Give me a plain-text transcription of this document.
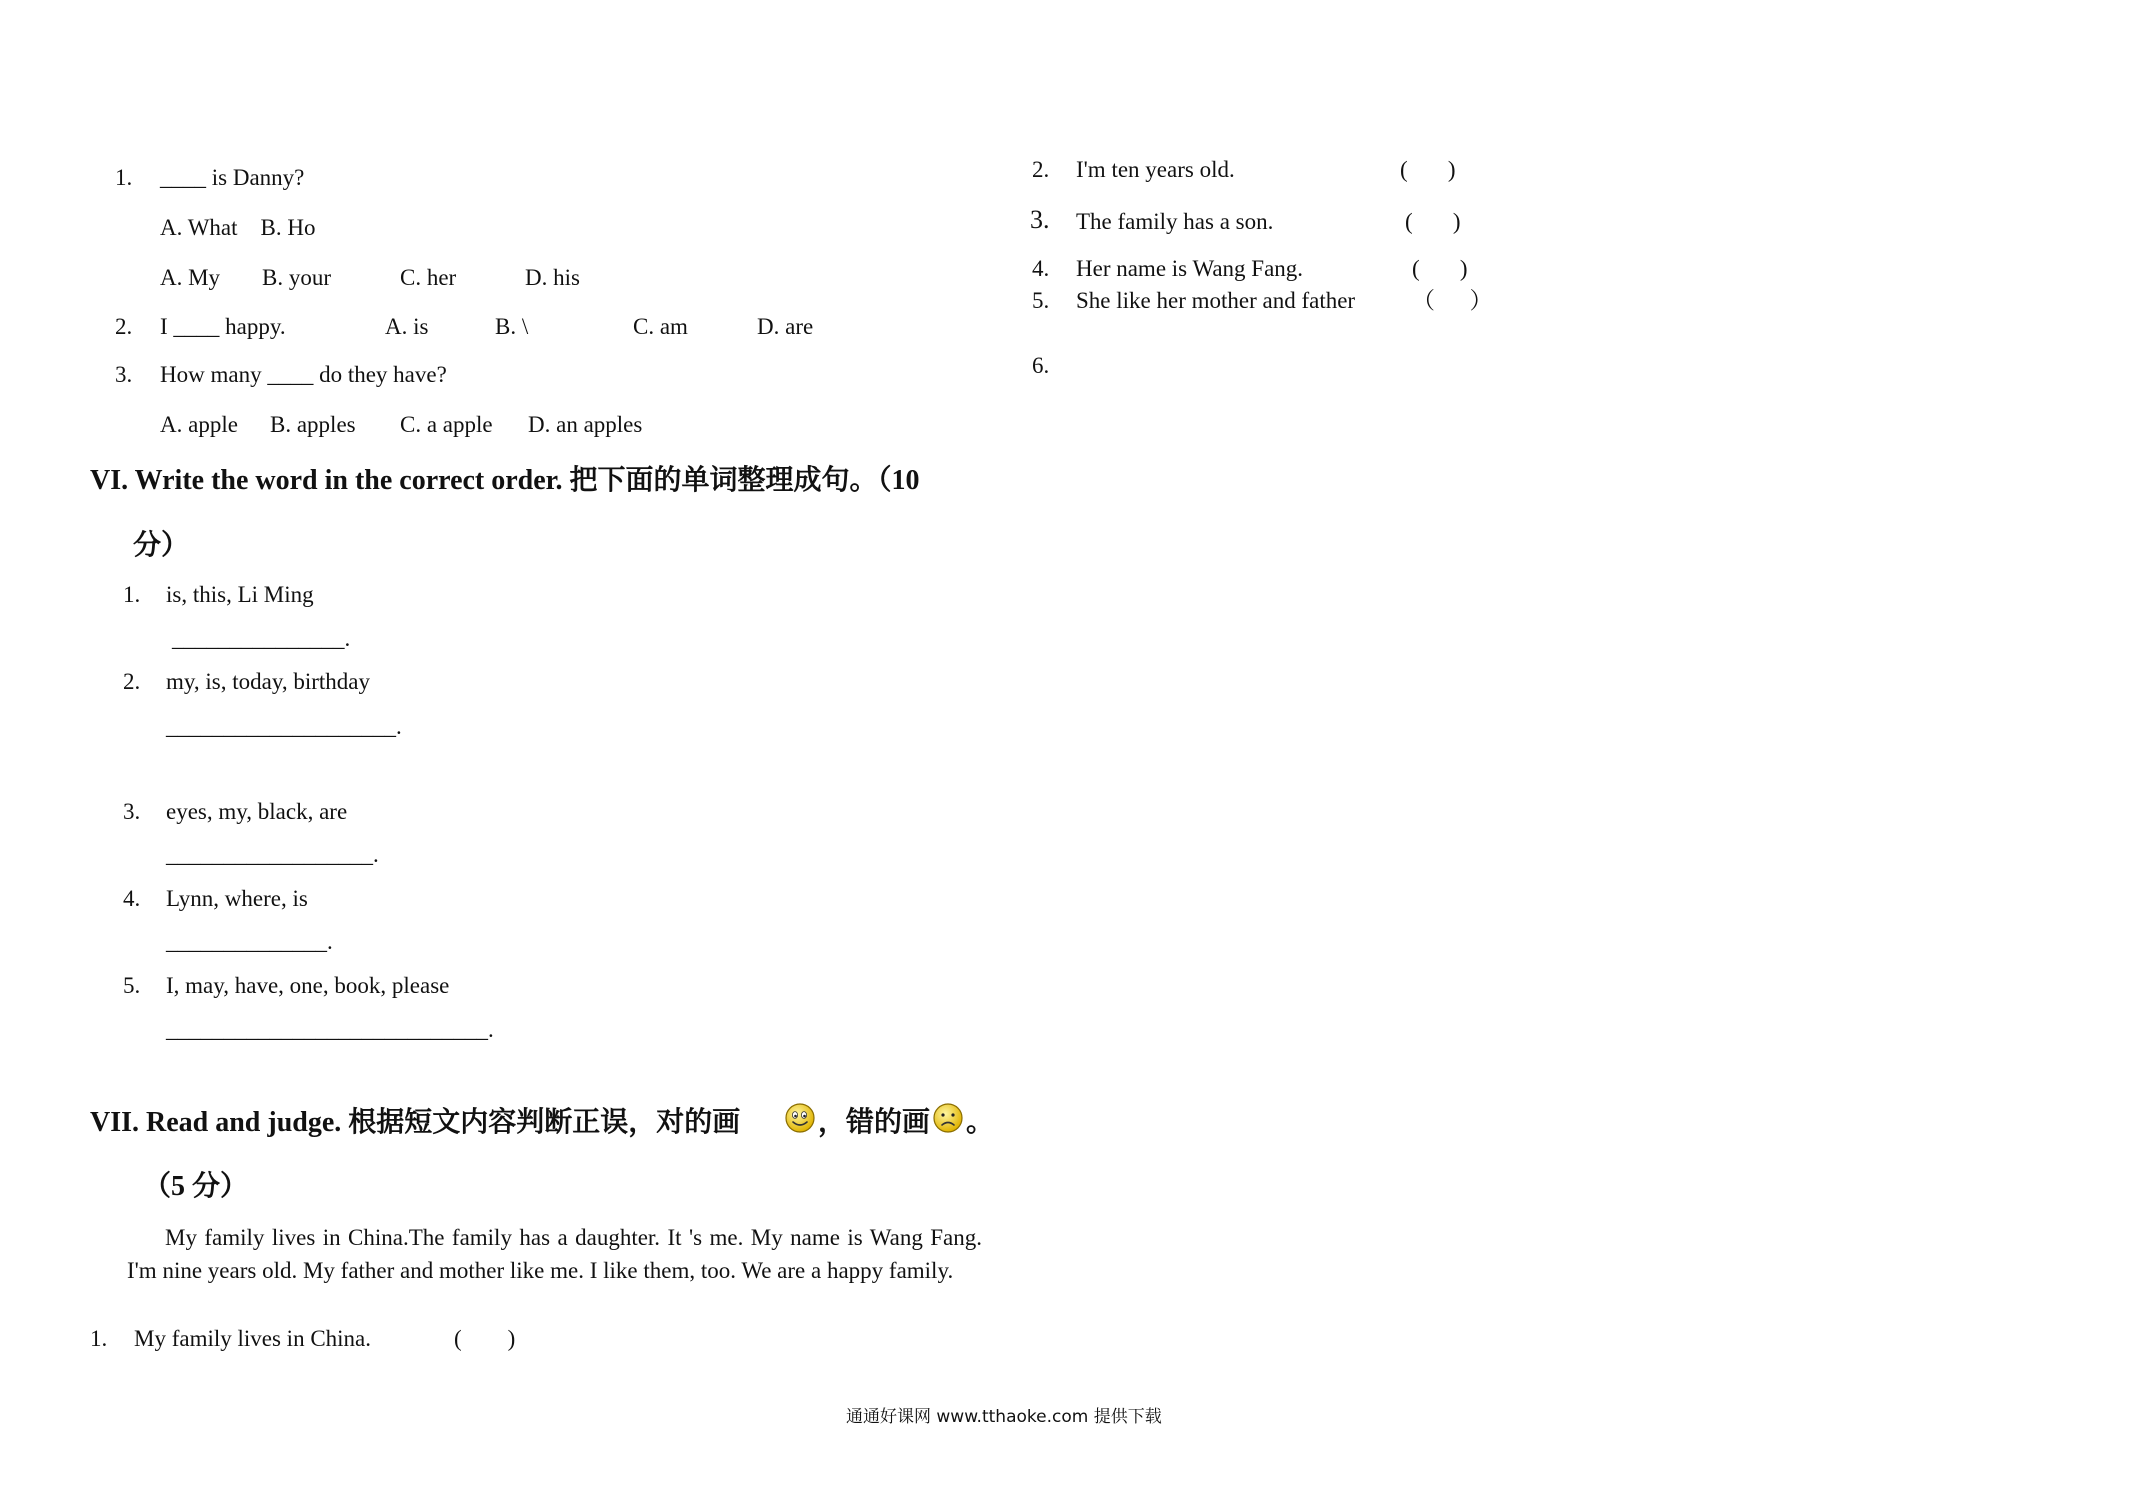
1. ____ is Danny?
A. What    B. Ho
A. My B. your	C. her	D. his
2. I ____ happy.	A. is	B. \	C. am	D. are
3. How many ____ do they have?
A. apple B. apples C. a apple D. an apples
VI. Write the word in the correct order. 把下面的单词整理成句。（10
分）
1. is, this, Li Ming
_______________.
2. my, is, today, birthday
____________________.
3. eyes, my, black, are
__________________.
4. Lynn, where, is
______________.
5. I, may, have, one, book, please
____________________________.
VII. Read and judge. 根据短文内容判断正误，对的画	，错的画 。
（5 分）
My family lives in China.The family has a daughter. It 's me. My name is Wang Fang. I'm nine years old. My father and mother like me. I like them, too. We are a happy family.
1. My family lives in China.	(        )
2. I'm ten years old.	(       )
3. The family has a son.	(       )
4. Her name is Wang Fang.	(       )
5. She like her mother and father （      ）
6.
通通好课网 www.tthaoke.com 提供下载
